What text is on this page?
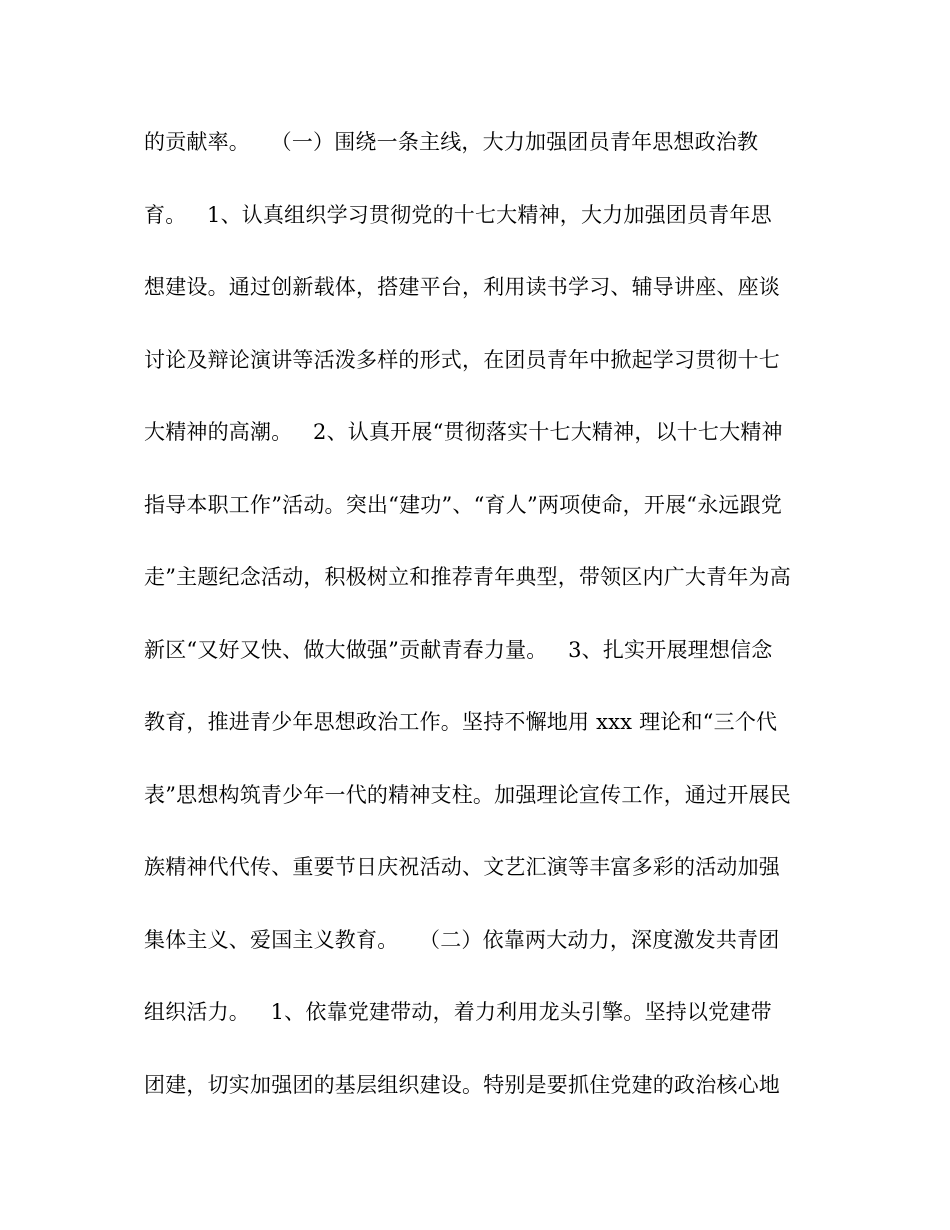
的贡献率。   （一）围绕一条主线，大力加强团员青年思想政治教
育。   1、认真组织学习贯彻党的十七大精神，大力加强团员青年思
想建设。通过创新载体，搭建平台，利用读书学习、辅导讲座、座谈
讨论及辩论演讲等活泼多样的形式，在团员青年中掀起学习贯彻十七
大精神的高潮。   2、认真开展“贯彻落实十七大精神，以十七大精神
指导本职工作”活动。突出“建功”、“育人”两项使命，开展“永远跟党
走”主题纪念活动，积极树立和推荐青年典型，带领区内广大青年为高
新区“又好又快、做大做强”贡献青春力量。   3、扎实开展理想信念
教育，推进青少年思想政治工作。坚持不懈地用 xxx 理论和“三个代
表”思想构筑青少年一代的精神支柱。加强理论宣传工作，通过开展民
族精神代代传、重要节日庆祝活动、文艺汇演等丰富多彩的活动加强
集体主义、爱国主义教育。   （二）依靠两大动力，深度激发共青团
组织活力。   1、依靠党建带动，着力利用龙头引擎。坚持以党建带
团建，切实加强团的基层组织建设。特别是要抓住党建的政治核心地
